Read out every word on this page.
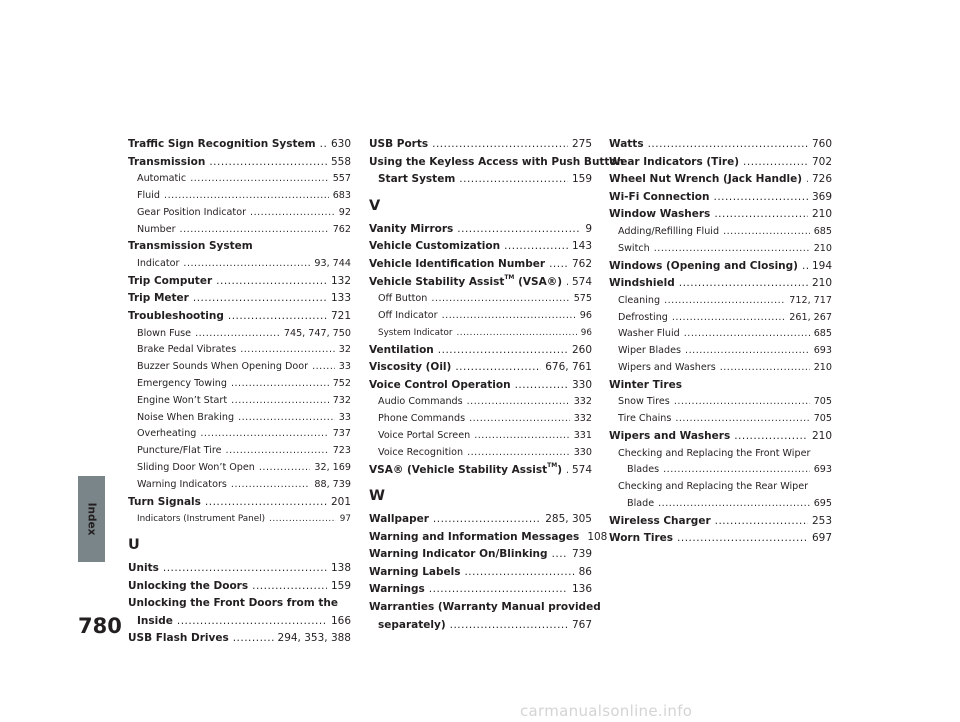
Index
780
Traffic Sign Recognition System ..... 630
Transmission .....	558
Automatic .....	557
Fluid .....	683
Gear Position Indicator .....	92
Number .....	762
Transmission System
Indicator .....	93, 744
Trip Computer .....	132
Trip Meter .....	133
Troubleshooting .....	721
Blown Fuse .....	745, 747, 750
Brake Pedal Vibrates .....	32
Buzzer Sounds When Opening Door .....	33
Emergency Towing .....	752
Engine Won’t Start .....	732
Noise When Braking .....	33
Overheating .....	737
Puncture/Flat Tire .....	723
Sliding Door Won’t Open .....	32, 169
Warning Indicators .....	88, 739
Turn Signals .....	201
Indicators (Instrument Panel) .....	97
U
Units .....	138
Unlocking the Doors .....	159
Unlocking the Front Doors from the
Inside .....	166
USB Flash Drives .....	294, 353, 388
USB Ports .....	275
Using the Keyless Access with Push Button
Start System .....	159
V
Vanity Mirrors .....	9
Vehicle Customization .....	143
Vehicle Identification Number .....	762
Vehicle Stability Assist™ (VSA®) ..... 574
Off Button .....	575
Off Indicator .....	96
System Indicator .....	96
Ventilation .....	260
Viscosity (Oil) .....	676, 761
Voice Control Operation .....	330
Audio Commands .....	332
Phone Commands .....	332
Voice Portal Screen .....	331
Voice Recognition .....	330
VSA® (Vehicle Stability Assist™) ..... 574
W
Wallpaper .....	285, 305
Warning and Information Messages 108
Warning Indicator On/Blinking ..... 739
Warning Labels .....	86
Warnings .....	136
Warranties (Warranty Manual provided
separately) .....	767
Watts .....	760
Wear Indicators (Tire) .....	702
Wheel Nut Wrench (Jack Handle) ..... 726
Wi-Fi Connection .....	369
Window Washers .....	210
Adding/Refilling Fluid .....	685
Switch .....	210
Windows (Opening and Closing) ..... 194
Windshield .....	210
Cleaning .....	712, 717
Defrosting .....	261, 267
Washer Fluid .....	685
Wiper Blades .....	693
Wipers and Washers .....	210
Winter Tires
Snow Tires .....	705
Tire Chains .....	705
Wipers and Washers .....	210
Checking and Replacing the Front Wiper
Blades .....	693
Checking and Replacing the Rear Wiper
Blade .....	695
Wireless Charger .....	253
Worn Tires .....	697
carmanualsonline.info
